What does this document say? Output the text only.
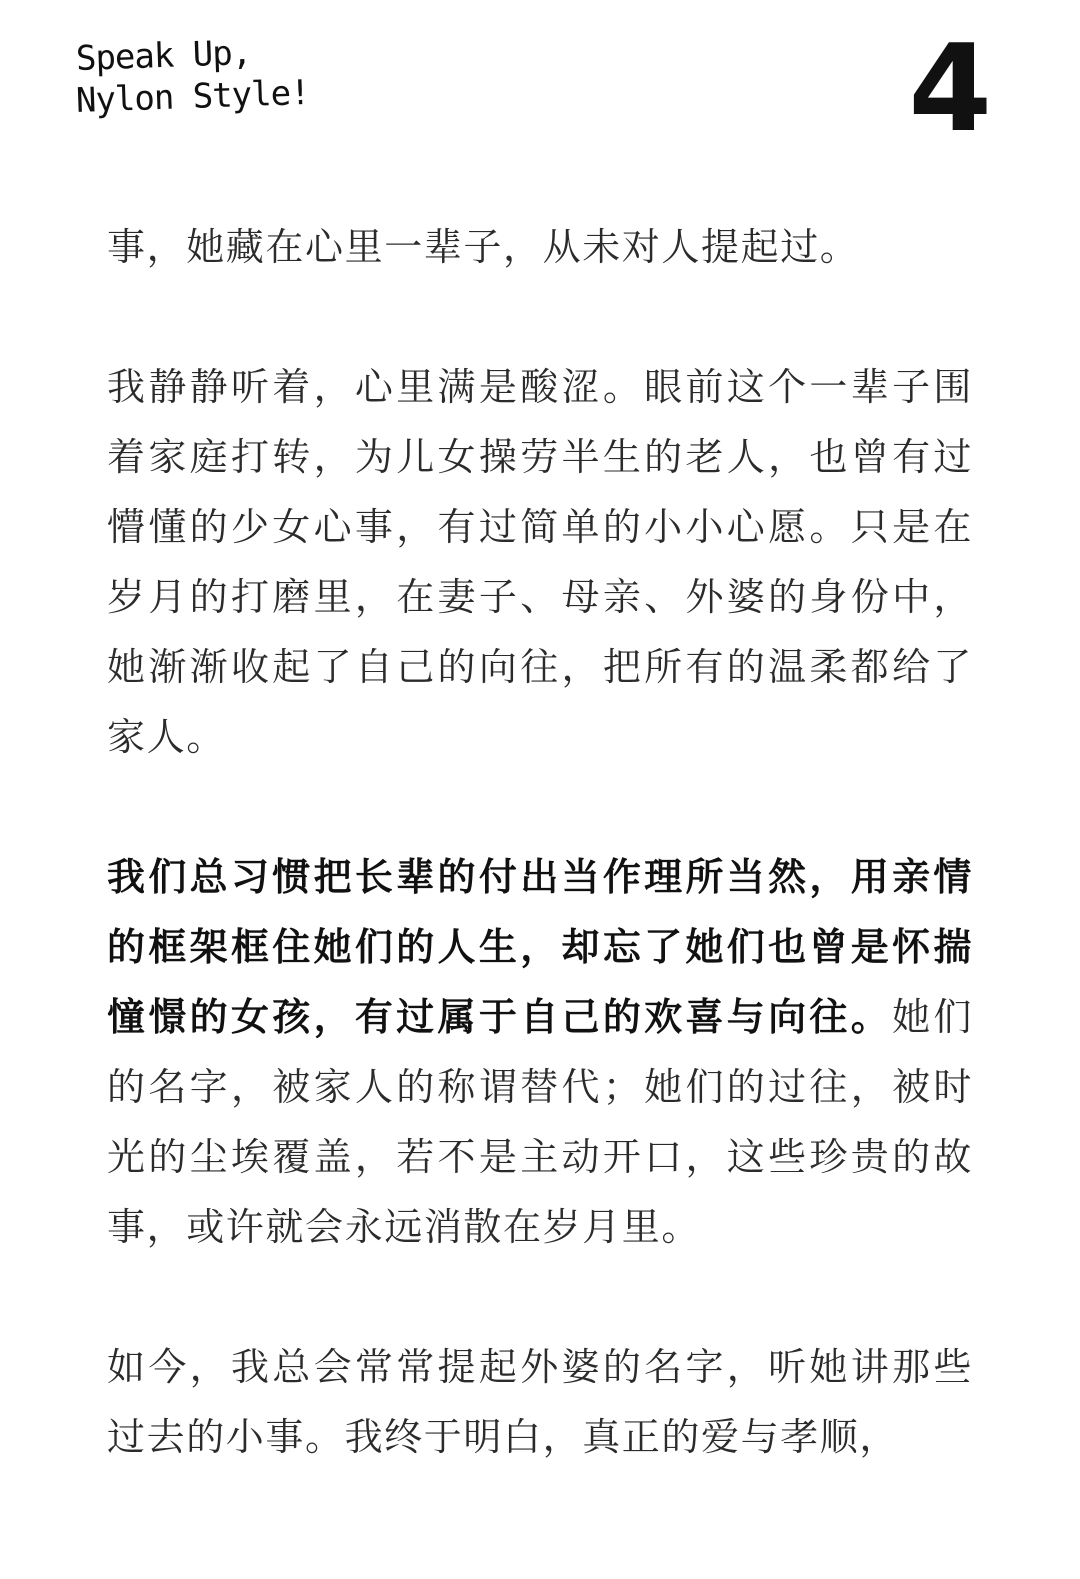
Speak Up,
Nylon Style!	4

事，她藏在心里一辈子，从未对人提起过。

我静静听着，心里满是酸涩。眼前这个一辈子围着家庭打转，为儿女操劳半生的老人，也曾有过懵懂的少女心事，有过简单的小小心愿。只是在岁月的打磨里，在妻子、母亲、外婆的身份中，她渐渐收起了自己的向往，把所有的温柔都给了家人。

我们总习惯把长辈的付出当作理所当然，用亲情的框架框住她们的人生，却忘了她们也曾是怀揣憧憬的女孩，有过属于自己的欢喜与向往。她们的名字，被家人的称谓替代；她们的过往，被时光的尘埃覆盖，若不是主动开口，这些珍贵的故事，或许就会永远消散在岁月里。

如今，我总会常常提起外婆的名字，听她讲那些过去的小事。我终于明白，真正的爱与孝顺，
